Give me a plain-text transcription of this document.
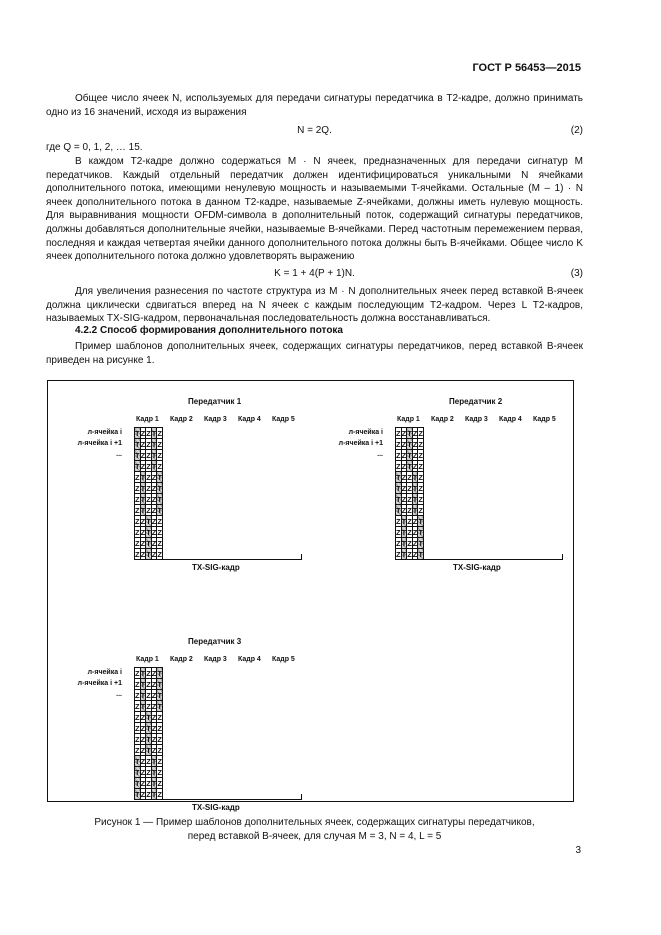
ГОСТ Р 56453—2015

Общее число ячеек N, используемых для передачи сигнатуры передатчика в Т2-кадре, должно принимать одно из 16 значений, исходя из выражения

N = 2Q.	(2)

где Q = 0, 1, 2, … 15.

В каждом Т2-кадре должно содержаться M · N ячеек, предназначенных для передачи сигнатур M передатчиков. Каждый отдельный передатчик должен идентифицироваться уникальными N ячейками дополнительного потока, имеющими ненулевую мощность и называемыми T-ячейками. Остальные (M – 1) · N ячеек дополнительного потока в данном Т2-кадре, называемые Z-ячейками, должны иметь нулевую мощность. Для выравнивания мощности OFDM-символа в дополнительный поток, содержащий сигнатуры передатчиков, должны добавляться дополнительные ячейки, называемые B-ячейками. Перед частотным перемежением первая, последняя и каждая четвертая ячейки данного дополнительного потока должны быть B-ячейками. Общее число K ячеек дополнительного потока должно удовлетворять выражению

K = 1 + 4(P + 1)N.	(3)

Для увеличения разнесения по частоте структура из M · N дополнительных ячеек перед вставкой B-ячеек должна циклически сдвигаться вперед на N ячеек с каждым последующим Т2-кадром. Через L Т2-кадров, называемых TX-SIG-кадром, первоначальная последовательность должна восстанавливаться.

4.2.2 Способ формирования дополнительного потока

Пример шаблонов дополнительных ячеек, содержащих сигнатуры передатчиков, перед вставкой B-ячеек приведен на рисунке 1.

Передатчик 1
Кадр 1 Кадр 2 Кадр 3 Кадр 4 Кадр 5
л-ячейка i
л-ячейка i +1
...
T	Z	Z	T	Z
T	Z	Z	T	Z
T	Z	Z	T	Z
T	Z	Z	T	Z
Z	T	Z	Z	T
Z	T	Z	Z	T
Z	T	Z	Z	T
Z	T	Z	Z	T
Z	Z	T	Z	Z
Z	Z	T	Z	Z
Z	Z	T	Z	Z
Z	Z	T	Z	Z
TX-SIG-кадр
Передатчик 2
Кадр 1 Кадр 2 Кадр 3 Кадр 4 Кадр 5
л-ячейка i
л-ячейка i +1
...
Z	Z	T	Z	Z
Z	Z	T	Z	Z
Z	Z	T	Z	Z
Z	Z	T	Z	Z
T	Z	Z	T	Z
T	Z	Z	T	Z
T	Z	Z	T	Z
T	Z	Z	T	Z
Z	T	Z	Z	T
Z	T	Z	Z	T
Z	T	Z	Z	T
Z	T	Z	Z	T
TX-SIG-кадр
Передатчик 3
Кадр 1 Кадр 2 Кадр 3 Кадр 4 Кадр 5
л-ячейка i
л-ячейка i +1
...
Z	T	Z	Z	T
Z	T	Z	Z	T
Z	T	Z	Z	T
Z	T	Z	Z	T
Z	Z	T	Z	Z
Z	Z	T	Z	Z
Z	Z	T	Z	Z
Z	Z	T	Z	Z
T	Z	Z	T	Z
T	Z	Z	T	Z
T	Z	Z	T	Z
T	Z	Z	T	Z
TX-SIG-кадр
Рисунок 1 — Пример шаблонов дополнительных ячеек, содержащих сигнатуры передатчиков,
перед вставкой B-ячеек, для случая M = 3, N = 4, L = 5
3
